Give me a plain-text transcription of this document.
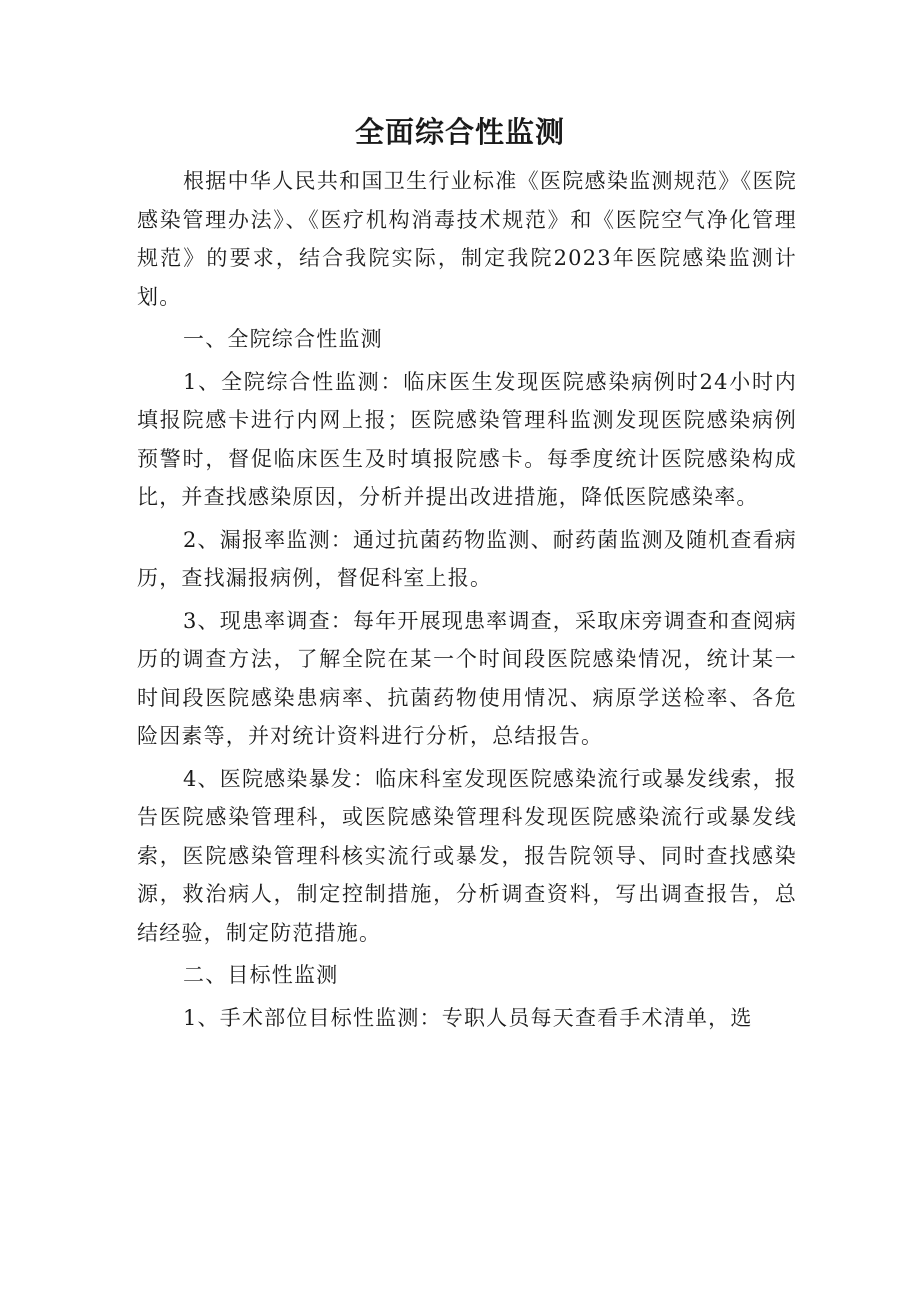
全面综合性监测

根据中华人民共和国卫生行业标准《医院感染监测规范》《医院感染管理办法》、《医疗机构消毒技术规范》和《医院空气净化管理规范》的要求，结合我院实际，制定我院2023年医院感染监测计划。

一、全院综合性监测

1、全院综合性监测：临床医生发现医院感染病例时24小时内填报院感卡进行内网上报；医院感染管理科监测发现医院感染病例预警时，督促临床医生及时填报院感卡。每季度统计医院感染构成比，并查找感染原因，分析并提出改进措施，降低医院感染率。

2、漏报率监测：通过抗菌药物监测、耐药菌监测及随机查看病历，查找漏报病例，督促科室上报。

3、现患率调查：每年开展现患率调查，采取床旁调查和查阅病历的调查方法，了解全院在某一个时间段医院感染情况，统计某一时间段医院感染患病率、抗菌药物使用情况、病原学送检率、各危险因素等，并对统计资料进行分析，总结报告。

4、医院感染暴发：临床科室发现医院感染流行或暴发线索，报告医院感染管理科，或医院感染管理科发现医院感染流行或暴发线索，医院感染管理科核实流行或暴发，报告院领导、同时查找感染源，救治病人，制定控制措施，分析调查资料，写出调查报告，总结经验，制定防范措施。

二、目标性监测

1、手术部位目标性监测：专职人员每天查看手术清单，选
